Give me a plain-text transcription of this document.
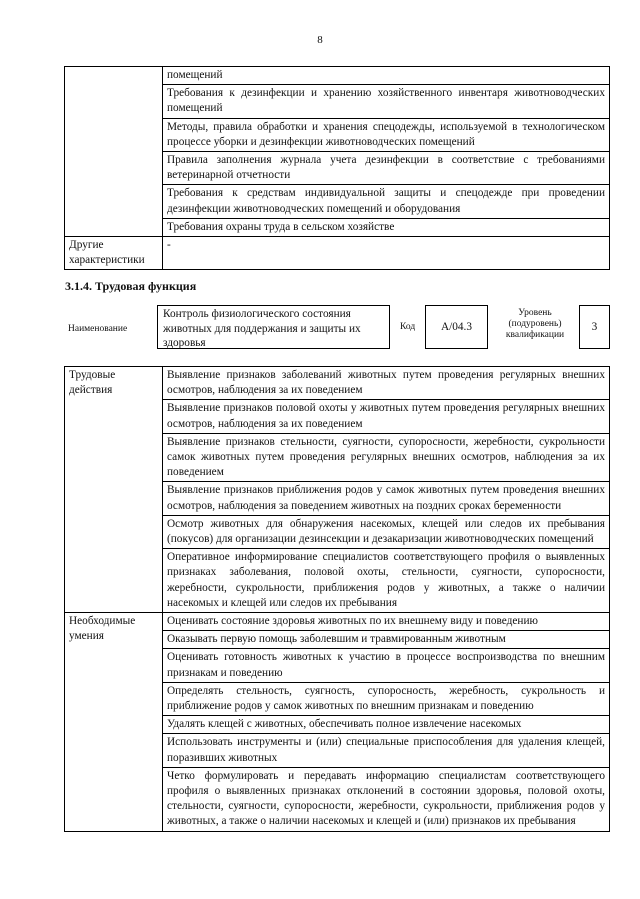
8
	помещений
	Требования к дезинфекции и хранению хозяйственного инвентаря животноводческих помещений
	Методы, правила обработки и хранения спецодежды, используемой в технологическом процессе уборки и дезинфекции животноводческих помещений
	Правила заполнения журнала учета дезинфекции в соответствие с требованиями ветеринарной отчетности
	Требования к средствам индивидуальной защиты и спецодежде при проведении дезинфекции животноводческих помещений и оборудования
	Требования охраны труда в сельском хозяйстве
Другие характеристики	-
3.1.4. Трудовая функция
Наименование
Контроль физиологического состояния животных для поддержания и защиты их здоровья
Код	А/04.3
Уровень (подуровень) квалификации
3
Трудовые действия	Выявление признаков заболеваний животных путем проведения регулярных внешних осмотров, наблюдения за их поведением
	Выявление признаков половой охоты у животных путем проведения регулярных внешних осмотров, наблюдения за их поведением
	Выявление признаков стельности, суягности, супоросности, жеребности, сукрольности самок животных путем проведения регулярных внешних осмотров, наблюдения за их поведением
	Выявление признаков приближения родов у самок животных путем проведения внешних осмотров, наблюдения за поведением животных на поздних сроках беременности
	Осмотр животных для обнаружения насекомых, клещей или следов их пребывания (покусов) для организации дезинсекции и дезакаризации животноводческих помещений
	Оперативное информирование специалистов соответствующего профиля о выявленных признаках заболевания, половой охоты, стельности, суягности, супоросности, жеребности, сукрольности, приближения родов у животных, а также о наличии насекомых и клещей или следов их пребывания
Необходимые умения	Оценивать состояние здоровья животных по их внешнему виду и поведению
	Оказывать первую помощь заболевшим и травмированным животным
	Оценивать готовность животных к участию в процессе воспроизводства по внешним признакам и поведению
	Определять стельность, суягность, супоросность, жеребность, сукрольность и приближение родов у самок животных по внешним признакам и поведению
	Удалять клещей с животных, обеспечивать полное извлечение насекомых
	Использовать инструменты и (или) специальные приспособления для удаления клещей, поразивших животных
	Четко формулировать и передавать информацию специалистам соответствующего профиля о выявленных признаках отклонений в состоянии здоровья, половой охоты, стельности, суягности, супоросности, жеребности, сукрольности, приближения родов у животных, а также о наличии насекомых и клещей и (или) признаков их пребывания
